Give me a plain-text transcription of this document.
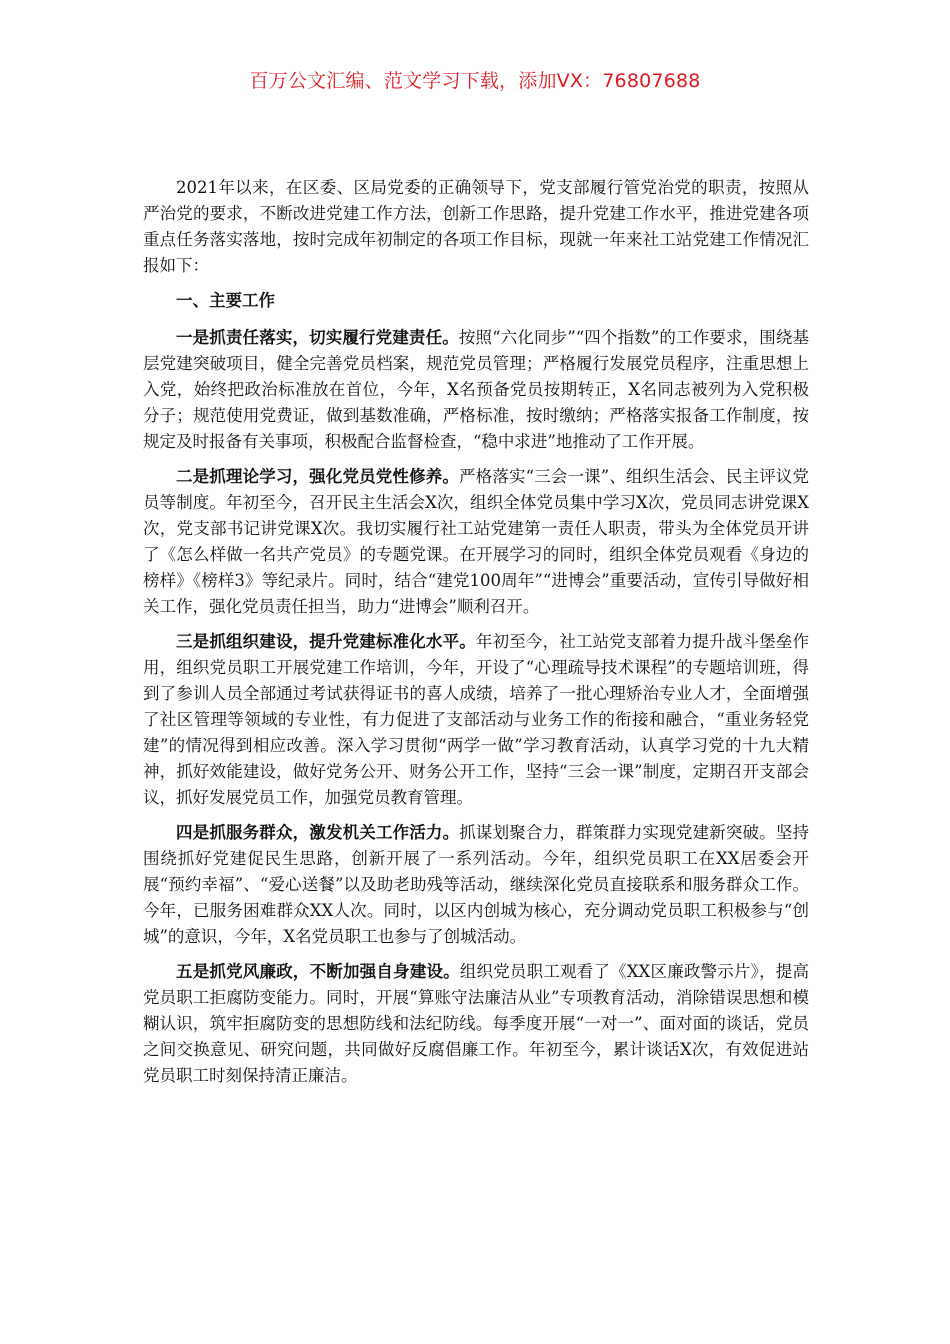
百万公文汇编、范文学习下载，添加VX：76807688

2021年以来，在区委、区局党委的正确领导下，党支部履行管党治党的职责，按照从严治党的要求，不断改进党建工作方法，创新工作思路，提升党建工作水平，推进党建各项重点任务落实落地，按时完成年初制定的各项工作目标，现就一年来社工站党建工作情况汇报如下：

一、主要工作

一是抓责任落实，切实履行党建责任。按照“六化同步”“四个指数”的工作要求，围绕基层党建突破项目，健全完善党员档案，规范党员管理；严格履行发展党员程序，注重思想上入党，始终把政治标准放在首位，今年，X名预备党员按期转正，X名同志被列为入党积极分子；规范使用党费证，做到基数准确，严格标准，按时缴纳；严格落实报备工作制度，按规定及时报备有关事项，积极配合监督检查，“稳中求进”地推动了工作开展。

二是抓理论学习，强化党员党性修养。严格落实“三会一课”、组织生活会、民主评议党员等制度。年初至今，召开民主生活会X次，组织全体党员集中学习X次，党员同志讲党课X次，党支部书记讲党课X次。我切实履行社工站党建第一责任人职责，带头为全体党员开讲了《怎么样做一名共产党员》的专题党课。在开展学习的同时，组织全体党员观看《身边的榜样》《榜样3》等纪录片。同时，结合“建党100周年”“进博会”重要活动，宣传引导做好相关工作，强化党员责任担当，助力“进博会”顺利召开。

三是抓组织建设，提升党建标准化水平。年初至今，社工站党支部着力提升战斗堡垒作用，组织党员职工开展党建工作培训，今年，开设了“心理疏导技术课程”的专题培训班，得到了参训人员全部通过考试获得证书的喜人成绩，培养了一批心理矫治专业人才，全面增强了社区管理等领域的专业性，有力促进了支部活动与业务工作的衔接和融合，“重业务轻党建”的情况得到相应改善。深入学习贯彻“两学一做”学习教育活动，认真学习党的十九大精神，抓好效能建设，做好党务公开、财务公开工作，坚持“三会一课”制度，定期召开支部会议，抓好发展党员工作，加强党员教育管理。

四是抓服务群众，激发机关工作活力。抓谋划聚合力，群策群力实现党建新突破。坚持围绕抓好党建促民生思路，创新开展了一系列活动。今年，组织党员职工在XX居委会开展“预约幸福”、“爱心送餐”以及助老助残等活动，继续深化党员直接联系和服务群众工作。今年，已服务困难群众XX人次。同时，以区内创城为核心，充分调动党员职工积极参与“创城”的意识，今年，X名党员职工也参与了创城活动。

五是抓党风廉政，不断加强自身建设。组织党员职工观看了《XX区廉政警示片》，提高党员职工拒腐防变能力。同时，开展“算账守法廉洁从业”专项教育活动，消除错误思想和模糊认识，筑牢拒腐防变的思想防线和法纪防线。每季度开展“一对一”、面对面的谈话，党员之间交换意见、研究问题，共同做好反腐倡廉工作。年初至今，累计谈话X次，有效促进站党员职工时刻保持清正廉洁。
